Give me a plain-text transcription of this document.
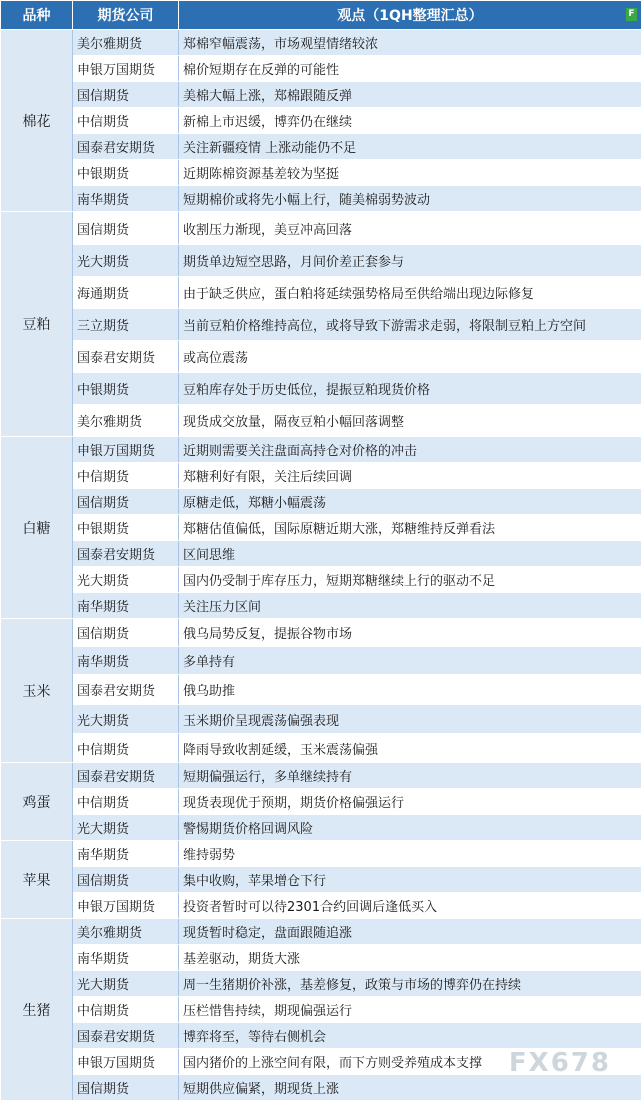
品种	期货公司	观点（1QH整理汇总） F

棉花	美尔雅期货	郑棉窄幅震荡，市场观望情绪较浓
	申银万国期货	棉价短期存在反弹的可能性
	国信期货	美棉大幅上涨，郑棉跟随反弹
	中信期货	新棉上市迟缓，博弈仍在继续
	国泰君安期货	关注新疆疫情 上涨动能仍不足
	中银期货	近期陈棉资源基差较为坚挺
	南华期货	短期棉价或将先小幅上行，随美棉弱势波动
豆粕	国信期货	收割压力渐现，美豆冲高回落
	光大期货	期货单边短空思路，月间价差正套参与
	海通期货	由于缺乏供应，蛋白粕将延续强势格局至供给端出现边际修复
	三立期货	当前豆粕价格维持高位，或将导致下游需求走弱，将限制豆粕上方空间
	国泰君安期货	或高位震荡
	中银期货	豆粕库存处于历史低位，提振豆粕现货价格
	美尔雅期货	现货成交放量，隔夜豆粕小幅回落调整
白糖	申银万国期货	近期则需要关注盘面高持仓对价格的冲击
	中信期货	郑糖利好有限，关注后续回调
	国信期货	原糖走低，郑糖小幅震荡
	中银期货	郑糖估值偏低，国际原糖近期大涨，郑糖维持反弹看法
	国泰君安期货	区间思维
	光大期货	国内仍受制于库存压力，短期郑糖继续上行的驱动不足
	南华期货	关注压力区间
玉米	国信期货	俄乌局势反复，提振谷物市场
	南华期货	多单持有
	国泰君安期货	俄乌助推
	光大期货	玉米期价呈现震荡偏强表现
	中信期货	降雨导致收割延缓，玉米震荡偏强
鸡蛋	国泰君安期货	短期偏强运行，多单继续持有
	中信期货	现货表现优于预期，期货价格偏强运行
	光大期货	警惕期货价格回调风险
苹果	南华期货	维持弱势
	国信期货	集中收购，苹果增仓下行
	申银万国期货	投资者暂时可以待2301合约回调后逢低买入
生猪	美尔雅期货	现货暂时稳定，盘面跟随追涨
	南华期货	基差驱动，期货大涨
	光大期货	周一生猪期价补涨，基差修复，政策与市场的博弈仍在持续
	中信期货	压栏惜售持续，期现偏强运行
	国泰君安期货	博弈将至，等待右侧机会
	申银万国期货	国内猪价的上涨空间有限，而下方则受养殖成本支撑
	国信期货	短期供应偏紧，期现货上涨
FX678
